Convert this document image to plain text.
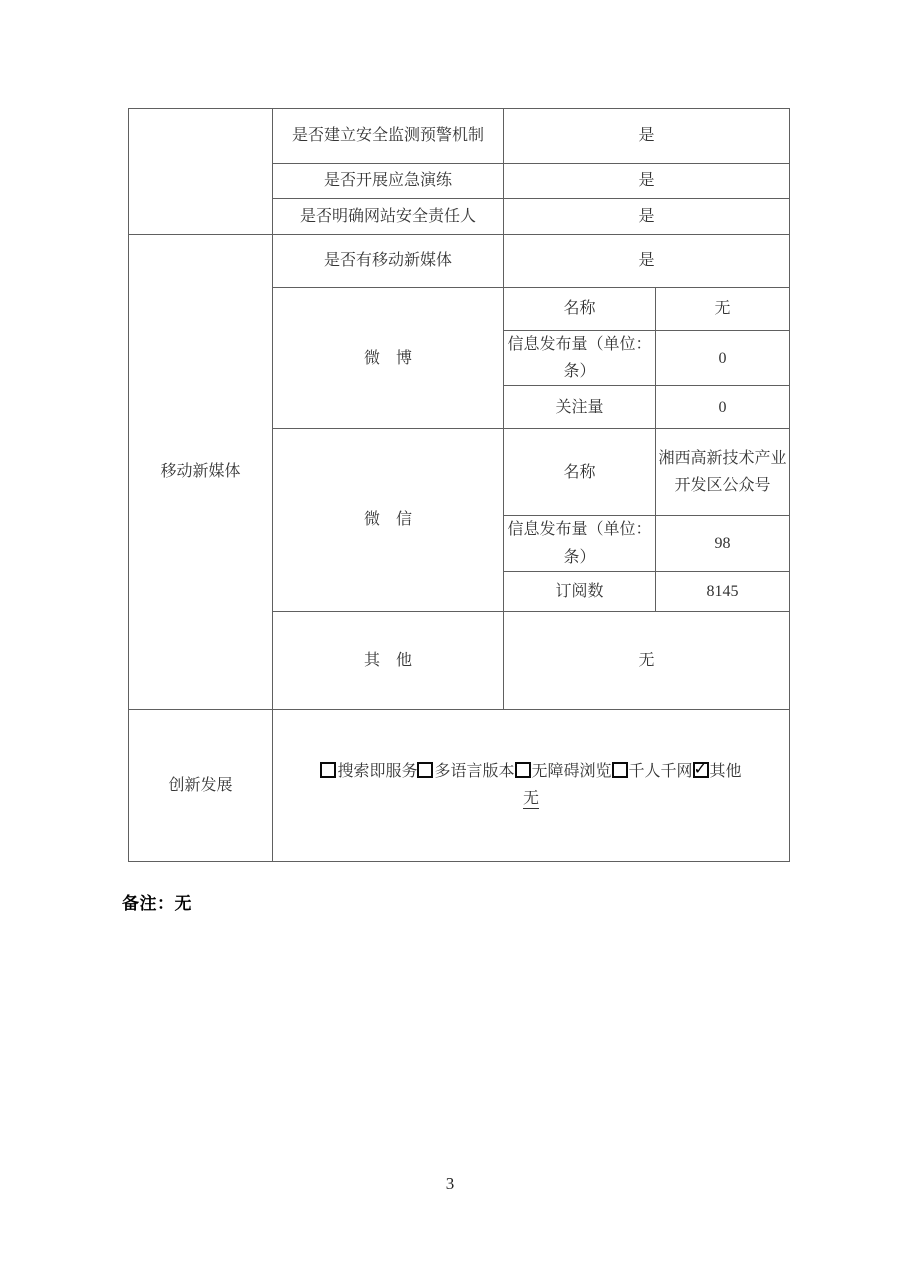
	是否建立安全监测预警机制	是	
	是否开展应急演练	是	
	是否明确网站安全责任人	是	
移动新媒体	是否有移动新媒体	是	
	微　博	名称	无
		信息发布量（单位：条）	0
		关注量	0
	微　信	名称	湘西高新技术产业开发区公众号
		信息发布量（单位：条）	98
		订阅数	8145
	其　他	无	
创新发展	搜索即服务 多语言版本 无障碍浏览 千人千网 ✓ 其他
无
备注：无
3
